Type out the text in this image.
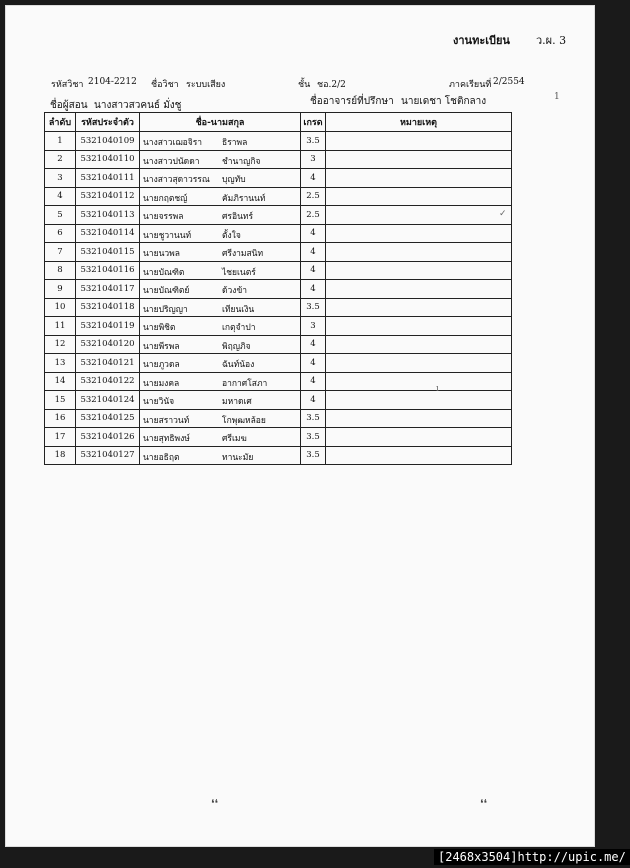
งานทะเบียน ว.ผ. 3
รหัสวิชา 2104-2212 ชื่อวิชา ระบบเสียง	ชั้น ชอ.2/2	ภาคเรียนที่ 2/2554
ชื่อผู้สอน นางสาวสวคนธ์ มั่งชู	ชื่ออาจารย์ที่ปรึกษา นายเดชา โชติกลาง	1
ลำดับ	รหัสประจำตัว	ชื่อ-นามสกุล	เกรด	หมายเหตุ
1	5321040109	นางสาวเฌอจิรา ธิราพล	3.5	
2	5321040110	นางสาวปนัดดา ชำนาญกิจ	3	
3	5321040111	นางสาวสุดาวรรณ บุญทับ	4	
4	5321040112	นายกฤตชญ์ คัมภิรานนท์	2.5	
5	5321040113	นายจรรพล ศรอินทร์	2.5	
6	5321040114	นายชูวานนท์ ตั้งใจ	4	
7	5321040115	นายนวพล ศรีงามสนิท	4	
8	5321040116	นายบัณฑิต ไชยเนตร์	4	
9	5321040117	นายบัณฑิตย์ ด้วงข้า	4	
10	5321040118	นายปริญญา เทียนเงิน	3.5	
11	5321040119	นายพิชิต เกตุจำปา	3	
12	5321040120	นายพีรพล พิฤญภิจ	4	
13	5321040121	นายภูวดล ฉันท์น้อง	4	
14	5321040122	นายมงคล อากาศโสภา	4	
15	5321040124	นายวินัจ มหาดเศ	4	
16	5321040125	นายสราวนท์ โกพุฒหล้อย	3.5	
17	5321040126	นายสุทธิพงษ์ ศรีเมฆ	3.5	
18	5321040127	นายอธิฤต ทานะมัย	3.5	
✓
ı
❛❛	❛❛
[2468x3504]http://upic.me/
